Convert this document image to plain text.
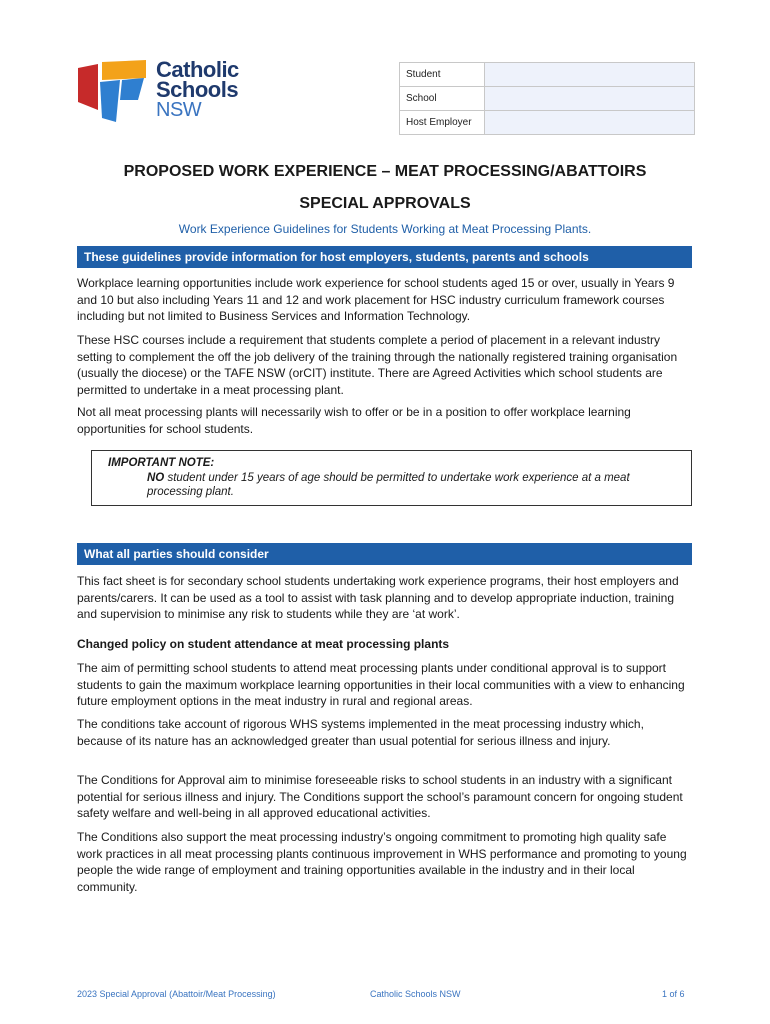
Catholic
Schools
NSW
Student	
School	
Host Employer	
PROPOSED WORK EXPERIENCE – MEAT PROCESSING/ABATTOIRS
SPECIAL APPROVALS
Work Experience Guidelines for Students Working at Meat Processing Plants.
These guidelines provide information for host employers, students, parents and schools
Workplace learning opportunities include work experience for school students aged 15 or over, usually in Years 9 and 10 but also including Years 11 and 12 and work placement for HSC industry curriculum framework courses including but not limited to Business Services and Information Technology.
These HSC courses include a requirement that students complete a period of placement in a relevant industry setting to complement the off the job delivery of the training through the nationally registered training organisation (usually the diocese) or the TAFE NSW (orCIT) institute. There are Agreed Activities which school students are permitted to undertake in a meat processing plant.
Not all meat processing plants will necessarily wish to offer or be in a position to offer workplace learning opportunities for school students.
IMPORTANT NOTE:
NO student under 15 years of age should be permitted to undertake work experience at a meat processing plant.
What all parties should consider
This fact sheet is for secondary school students undertaking work experience programs, their host employers and parents/carers. It can be used as a tool to assist with task planning and to develop appropriate induction, training and supervision to minimise any risk to students while they are ‘at work’.
Changed policy on student attendance at meat processing plants
The aim of permitting school students to attend meat processing plants under conditional approval is to support students to gain the maximum workplace learning opportunities in their local communities with a view to enhancing future employment options in the meat industry in rural and regional areas.
The conditions take account of rigorous WHS systems implemented in the meat processing industry which, because of its nature has an acknowledged greater than usual potential for serious illness and injury.
The Conditions for Approval aim to minimise foreseeable risks to school students in an industry with a significant potential for serious illness and injury. The Conditions support the school’s paramount concern for ongoing student safety welfare and well-being in all approved educational activities.
The Conditions also support the meat processing industry’s ongoing commitment to promoting high quality safe work practices in all meat processing plants continuous improvement in WHS performance and promoting to young people the wide range of employment and training opportunities available in the industry and in their local community.
2023 Special Approval (Abattoir/Meat Processing)	Catholic Schools NSW	1 of 6
